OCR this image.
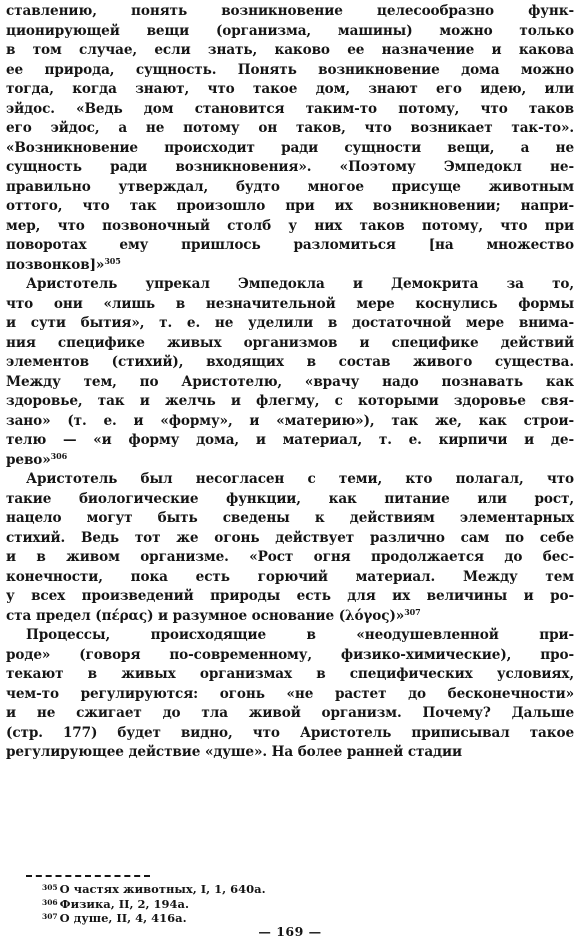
ставлению, понять возникновение целесообразно функ-
ционирующей вещи (организма, машины) можно только
в том случае, если знать, каково ее назначение и какова
ее природа, сущность. Понять возникновение дома можно
тогда, когда знают, что такое дом, знают его идею, или
эйдос. «Ведь дом становится таким-то потому, что таков
его эйдос, а не потому он таков, что возникает так-то».
«Возникновение происходит ради сущности вещи, а не
сущность ради возникновения». «Поэтому Эмпедокл не-
правильно утверждал, будто многое присуще животным
оттого, что так произошло при их возникновении; напри-
мер, что позвоночный столб у них таков потому, что при
поворотах ему пришлось разломиться [на множество
позвонков]»$^{305}$
Аристотель упрекал Эмпедокла и Демокрита за то,
что они «лишь в незначительной мере коснулись формы
и сути бытия», т. е. не уделили в достаточной мере внима-
ния специфике живых организмов и специфике действий
элементов (стихий), входящих в состав живого существа.
Между тем, по Аристотелю, «врачу надо познавать как
здоровье, так и желчь и флегму, с которыми здоровье свя-
зано» (т. е. и «форму», и «материю»), так же, как строи-
телю — «и форму дома, и материал, т. е. кирпичи и де-
рево»$^{306}$
Аристотель был несогласен с теми, кто полагал, что
такие биологические функции, как питание или рост,
нацело могут быть сведены к действиям элементарных
стихий. Ведь тот же огонь действует различно сам по себе
и в живом организме. «Рост огня продолжается до бес-
конечности, пока есть горючий материал. Между тем
у всех произведений природы есть для их величины и ро-
ста предел (πέρας) и разумное основание (λόγος)»$^{307}$
Процессы, происходящие в «неодушевленной при-
роде» (говоря по-современному, физико-химические), про-
текают в живых организмах в специфических условиях,
чем-то регулируются: огонь «не растет до бесконечности»
и не сжигает до тла живой организм. Почему? Дальше
(стр. 177) будет видно, что Аристотель приписывал такое
регулирующее действие «душе». На более ранней стадии
$^{305}$ О частях животных, I, 1, 640а.
$^{306}$ Физика, II, 2, 194а.
$^{307}$ О душе, II, 4, 416а.
— 169 —
